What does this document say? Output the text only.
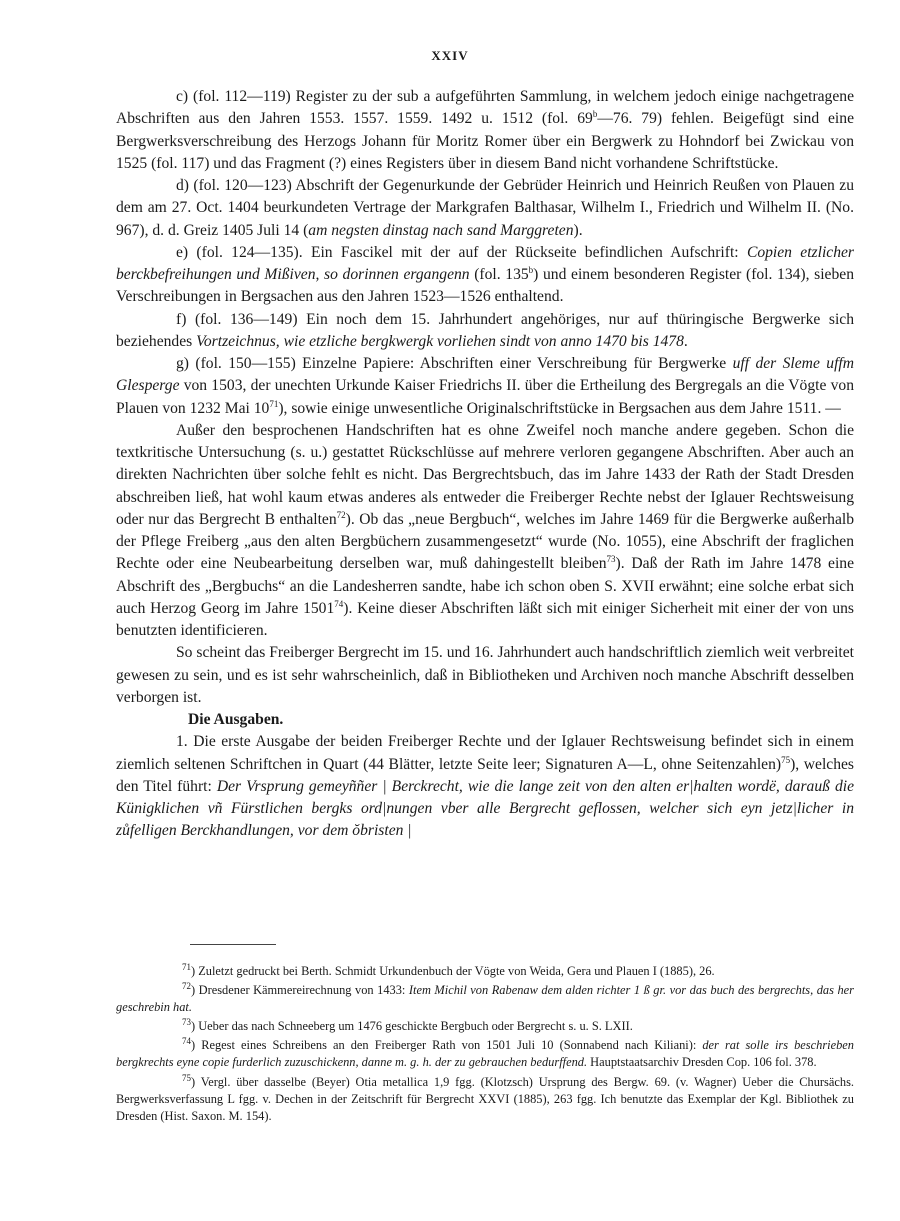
XXIV

c) (fol. 112—119) Register zu der sub a aufgeführten Sammlung, in welchem jedoch einige nachgetragene Abschriften aus den Jahren 1553. 1557. 1559. 1492 u. 1512 (fol. 69$^b$—76. 79) fehlen. Beigefügt sind eine Bergwerksverschreibung des Herzogs Johann für Moritz Romer über ein Bergwerk zu Hohndorf bei Zwickau von 1525 (fol. 117) und das Fragment (?) eines Registers über in diesem Band nicht vorhandene Schriftstücke.

d) (fol. 120—123) Abschrift der Gegenurkunde der Gebrüder Heinrich und Heinrich Reußen von Plauen zu dem am 27. Oct. 1404 beurkundeten Vertrage der Markgrafen Balthasar, Wilhelm I., Friedrich und Wilhelm II. (No. 967), d. d. Greiz 1405 Juli 14 (am negsten dinstag nach sand Marggreten).

e) (fol. 124—135). Ein Fascikel mit der auf der Rückseite befindlichen Aufschrift: Copien etzlicher berckbefreihungen und Mißiven, so dorinnen ergangenn (fol. 135$^b$) und einem besonderen Register (fol. 134), sieben Verschreibungen in Bergsachen aus den Jahren 1523—1526 enthaltend.

f) (fol. 136—149) Ein noch dem 15. Jahrhundert angehöriges, nur auf thüringische Bergwerke sich beziehendes Vortzeichnus, wie etzliche bergkwergk vorliehen sindt von anno 1470 bis 1478.

g) (fol. 150—155) Einzelne Papiere: Abschriften einer Verschreibung für Bergwerke uff der Sleme uffm Glesperge von 1503, der unechten Urkunde Kaiser Friedrichs II. über die Ertheilung des Bergregals an die Vögte von Plauen von 1232 Mai $10^{71}$), sowie einige unwesentliche Originalschriftstücke in Bergsachen aus dem Jahre 1511. —

Außer den besprochenen Handschriften hat es ohne Zweifel noch manche andere gegeben. Schon die textkritische Untersuchung (s. u.) gestattet Rückschlüsse auf mehrere verloren gegangene Abschriften. Aber auch an direkten Nachrichten über solche fehlt es nicht. Das Bergrechtsbuch, das im Jahre 1433 der Rath der Stadt Dresden abschreiben ließ, hat wohl kaum etwas anderes als entweder die Freiberger Rechte nebst der Iglauer Rechtsweisung oder nur das Bergrecht B enthalten$^{72}$). Ob das „neue Bergbuch“, welches im Jahre 1469 für die Bergwerke außerhalb der Pflege Freiberg „aus den alten Bergbüchern zusammengesetzt“ wurde (No. 1055), eine Abschrift der fraglichen Rechte oder eine Neubearbeitung derselben war, muß dahingestellt bleiben$^{73}$). Daß der Rath im Jahre 1478 eine Abschrift des „Bergbuchs“ an die Landesherren sandte, habe ich schon oben S. XVII erwähnt; eine solche erbat sich auch Herzog Georg im Jahre 1501$^{74}$). Keine dieser Abschriften läßt sich mit einiger Sicherheit mit einer der von uns benutzten identificieren.

So scheint das Freiberger Bergrecht im 15. und 16. Jahrhundert auch handschriftlich ziemlich weit verbreitet gewesen zu sein, und es ist sehr wahrscheinlich, daß in Bibliotheken und Archiven noch manche Abschrift desselben verborgen ist.

Die Ausgaben.

1. Die erste Ausgabe der beiden Freiberger Rechte und der Iglauer Rechtsweisung befindet sich in einem ziemlich seltenen Schriftchen in Quart (44 Blätter, letzte Seite leer; Signaturen A—L, ohne Seitenzahlen)$^{75}$), welches den Titel führt: Der Vrsprung gemeyññer | Berckrecht, wie die lange zeit von den alten er|halten wordë, darauß die Künigklichen vñ Fürstlichen bergks ord|nungen vber alle Bergrecht geflossen, welcher sich eyn jetz|licher in zůfelligen Berckhandlungen, vor dem ŏbristen |

$^{71}$) Zuletzt gedruckt bei Berth. Schmidt Urkundenbuch der Vögte von Weida, Gera und Plauen I (1885), 26.

$^{72}$) Dresdener Kämmereirechnung von 1433: Item Michil von Rabenaw dem alden richter 1 ß gr. vor das buch des bergrechts, das her geschrebin hat.

$^{73}$) Ueber das nach Schneeberg um 1476 geschickte Bergbuch oder Bergrecht s. u. S. LXII.

$^{74}$) Regest eines Schreibens an den Freiberger Rath von 1501 Juli 10 (Sonnabend nach Kiliani): der rat solle irs beschrieben bergkrechts eyne copie furderlich zuzuschickenn, danne m. g. h. der zu gebrauchen bedurffend. Hauptstaatsarchiv Dresden Cop. 106 fol. 378.

$^{75}$) Vergl. über dasselbe (Beyer) Otia metallica 1,9 fgg. (Klotzsch) Ursprung des Bergw. 69. (v. Wagner) Ueber die Chursächs. Bergwerksverfassung L fgg. v. Dechen in der Zeitschrift für Bergrecht XXVI (1885), 263 fgg. Ich benutzte das Exemplar der Kgl. Bibliothek zu Dresden (Hist. Saxon. M. 154).
